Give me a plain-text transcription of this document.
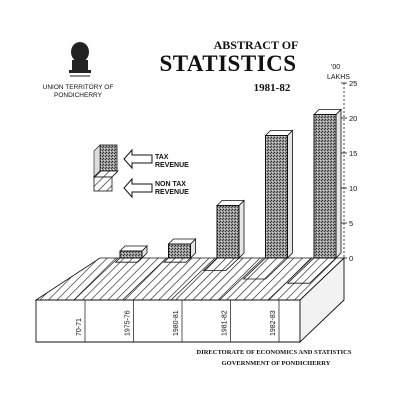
UNION TERRITORY OF
PONDICHERRY
ABSTRACT OF
STATISTICS
1981-82
'00
LAKHS
0
5
10
15
20
25
70-71	1975-76	1980-81	1981-82	1982-83
TAX REVENUE
NON TAX REVENUE
DIRECTORATE OF ECONOMICS AND STATISTICS
GOVERNMENT OF PONDICHERRY
